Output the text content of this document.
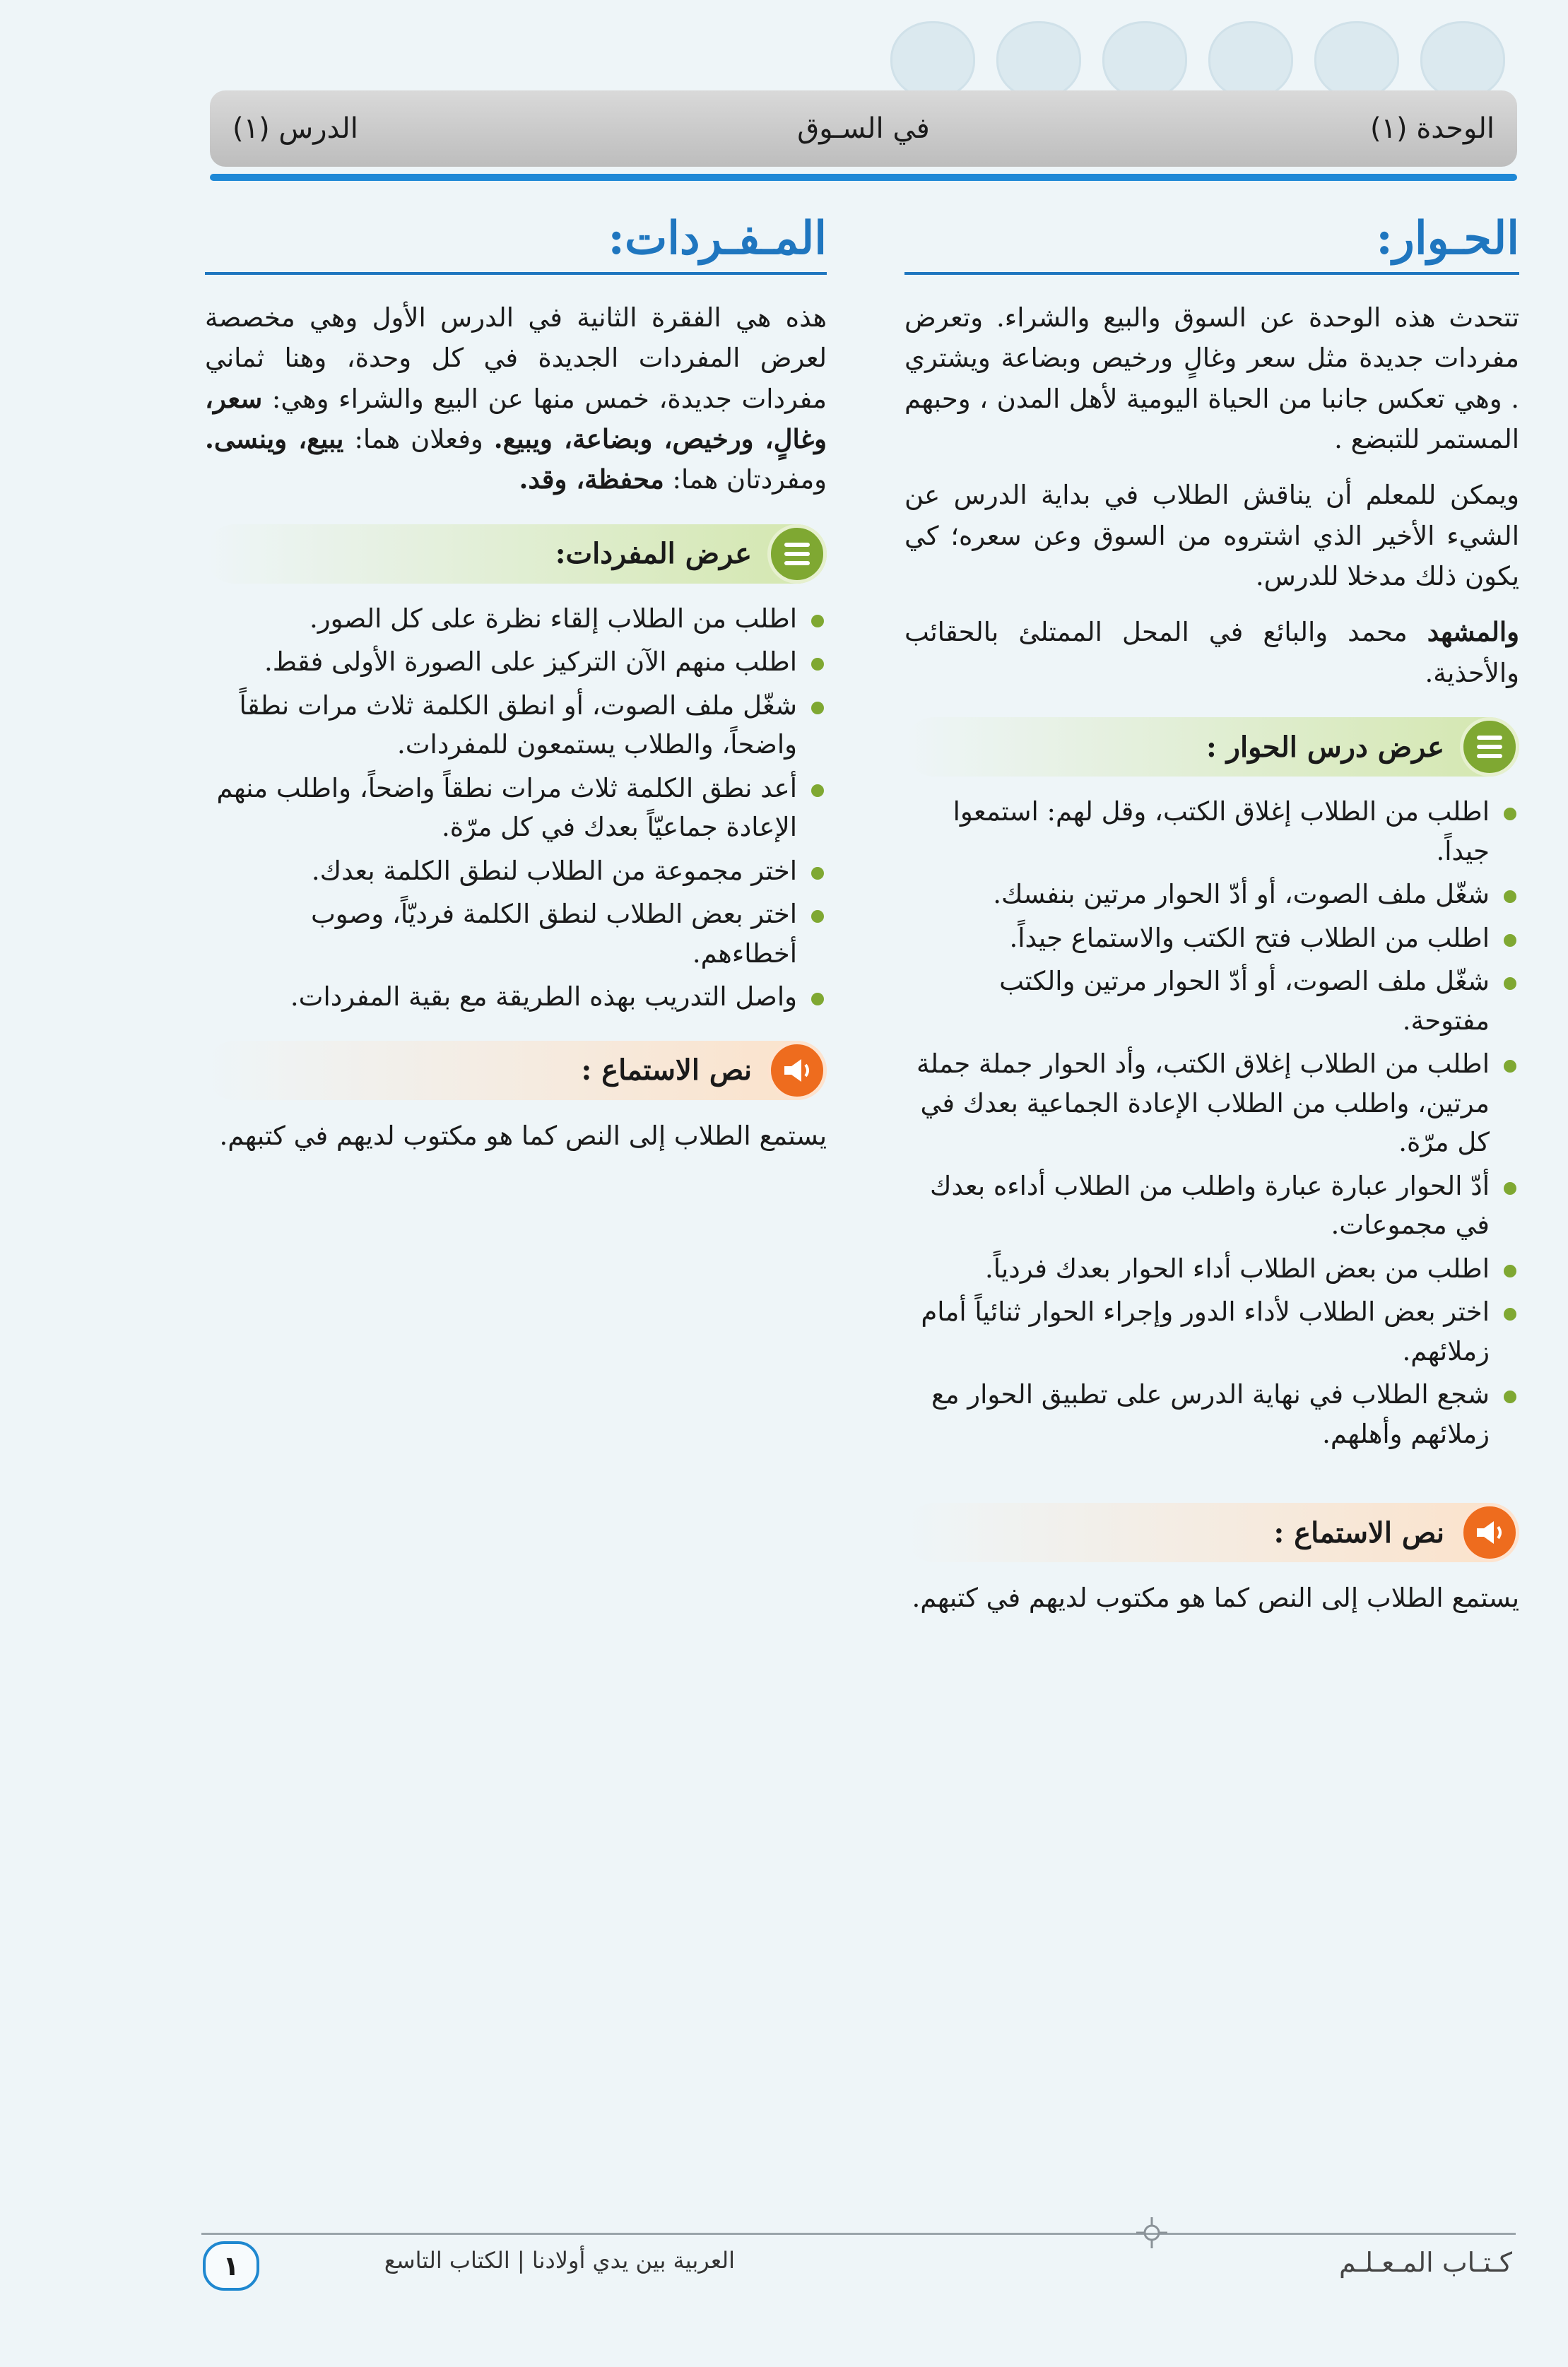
الوحدة (١)
في السـوق
الدرس (١)
الحـوار:

تتحدث هذه الوحدة عن السوق والبيع والشراء. وتعرض مفردات جديدة مثل سعر وغالٍ ورخيص وبضاعة ويشتري . وهي تعكس جانبا من الحياة اليومية لأهل المدن ، وحبهم المستمر للتبضع .

ويمكن للمعلم أن يناقش الطلاب في بداية الدرس عن الشيء الأخير الذي اشتروه من السوق وعن سعره؛ كي يكون ذلك مدخلا للدرس.

والمشهد محمد والبائع في المحل الممتلئ بالحقائب والأحذية.

عرض درس الحوار :
اطلب من الطلاب إغلاق الكتب، وقل لهم: استمعوا جيداً.
شغّل ملف الصوت، أو أدّ الحوار مرتين بنفسك.
اطلب من الطلاب فتح الكتب والاستماع جيداً.
شغّل ملف الصوت، أو أدّ الحوار مرتين والكتب مفتوحة.
اطلب من الطلاب إغلاق الكتب، وأد الحوار جملة جملة مرتين، واطلب من الطلاب الإعادة الجماعية بعدك في كل مرّة.
أدّ الحوار عبارة عبارة واطلب من الطلاب أداءه بعدك في مجموعات.
اطلب من بعض الطلاب أداء الحوار بعدك فردياً.
اختر بعض الطلاب لأداء الدور وإجراء الحوار ثنائياً أمام زملائهم.
شجع الطلاب في نهاية الدرس على تطبيق الحوار مع زملائهم وأهلهم.
نص الاستماع :

يستمع الطلاب إلى النص كما هو مكتوب لديهم في كتبهم.

المـفـردات:

هذه هي الفقرة الثانية في الدرس الأول وهي مخصصة لعرض المفردات الجديدة في كل وحدة، وهنا ثماني مفردات جديدة، خمس منها عن البيع والشراء وهي: سعر، وغالٍ، ورخيص، وبضاعة، ويبيع. وفعلان هما: يبيع، وينسى. ومفردتان هما: محفظة، وقد.

عرض المفردات:
اطلب من الطلاب إلقاء نظرة على كل الصور.
اطلب منهم الآن التركيز على الصورة الأولى فقط.
شغّل ملف الصوت، أو انطق الكلمة ثلاث مرات نطقاً واضحاً، والطلاب يستمعون للمفردات.
أعد نطق الكلمة ثلاث مرات نطقاً واضحاً، واطلب منهم الإعادة جماعيّاً بعدك في كل مرّة.
اختر مجموعة من الطلاب لنطق الكلمة بعدك.
اختر بعض الطلاب لنطق الكلمة فرديّاً، وصوب أخطاءهم.
واصل التدريب بهذه الطريقة مع بقية المفردات.
نص الاستماع :

يستمع الطلاب إلى النص كما هو مكتوب لديهم في كتبهم.

كـتـاب المـعـلـم
العربية بين يدي أولادنا | الكتاب التاسع
١
